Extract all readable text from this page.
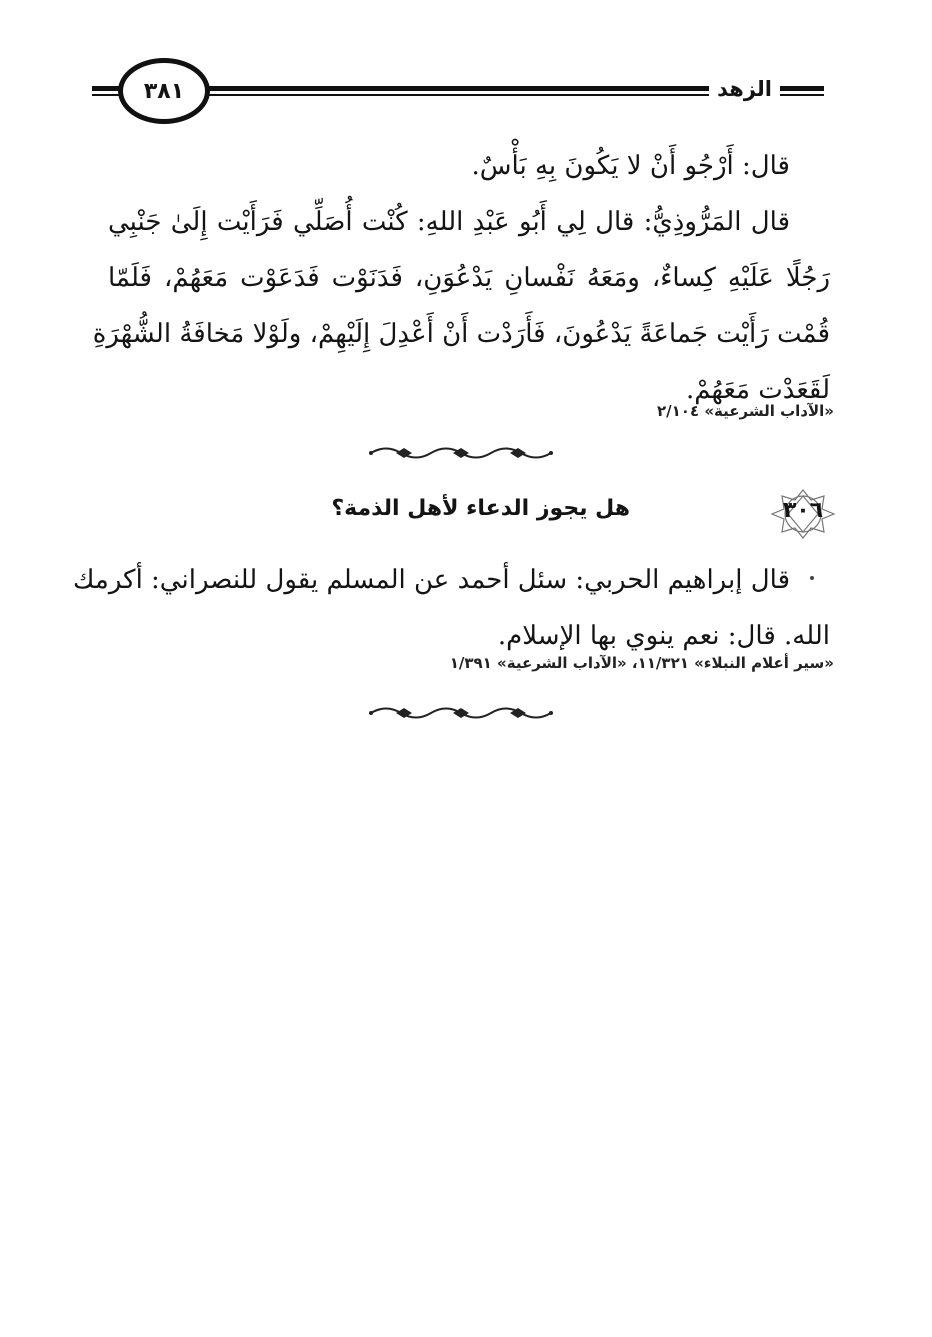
الزهد
٣٨١
قال: أَرْجُو أَنْ لا يَكُونَ بِهِ بَأْسٌ.
قال المَرُّوذِيُّ: قال لِي أَبُو عَبْدِ اللهِ: كُنْت أُصَلِّي فَرَأَيْت إِلَىٰ جَنْبِي
رَجُلًا عَلَيْهِ كِساءٌ، ومَعَهُ نَفْسانِ يَدْعُوَنِ، فَدَنَوْت فَدَعَوْت مَعَهُمْ، فَلَمّا
قُمْت رَأَيْت جَماعَةً يَدْعُونَ، فَأَرَدْت أَنْ أَعْدِلَ إِلَيْهِمْ، ولَوْلا مَخافَةُ الشُّهْرَةِ
لَقَعَدْت مَعَهُمْ.
«الآداب الشرعية» ٢/١٠٤
٣٠٦
هل يجوز الدعاء لأهل الذمة؟
قال إبراهيم الحربي: سئل أحمد عن المسلم يقول للنصراني: أكرمك
الله. قال: نعم ينوي بها الإسلام.
«سير أعلام النبلاء» ١١/٣٢١، «الآداب الشرعية» ١/٣٩١
